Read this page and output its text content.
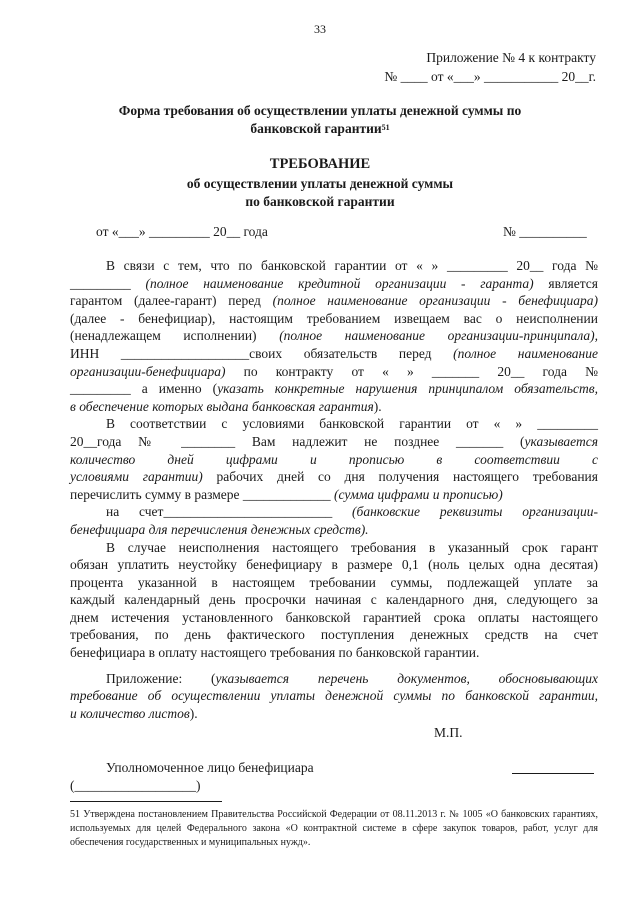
33
Приложение № 4 к контракту
№ ____ от «___» ___________ 20__г.
Форма требования об осуществлении уплаты денежной суммы по
банковской гарантии$^{51}$
ТРЕБОВАНИЕ
об осуществлении уплаты денежной суммы
по банковской гарантии
от «___» _________ 20__ года	№ __________
В связи с тем, что по банковской гарантии от « » _________ 20__ года №
_________ (полное наименование кредитной организации - гаранта) является
гарантом (далее-гарант) перед (полное наименование организации - бенефициара)
(далее - бенефициар), настоящим требованием извещаем вас о неисполнении
(ненадлежащем исполнении) (полное наименование организации-принципала),
ИНН ___________________своих обязательств перед (полное наименование
организации-бенефициара) по контракту от « » _______ 20__ года №
_________ а именно (указать конкретные нарушения принципалом обязательств,
в обеспечение которых выдана банковская гарантия).
В соответствии с условиями банковской гарантии от « » _________
20__года № ________ Вам надлежит не позднее _______ (указывается
количество дней цифрами и прописью в соответствии с
условиями гарантии) рабочих дней со дня получения настоящего требования
перечислить сумму в размере _____________ (сумма цифрами и прописью)
на счет_________________________ (банковские реквизиты организации-
бенефициара для перечисления денежных средств).
В случае неисполнения настоящего требования в указанный срок гарант
обязан уплатить неустойку бенефициару в размере 0,1 (ноль целых одна десятая)
процента указанной в настоящем требовании суммы, подлежащей уплате за
каждый календарный день просрочки начиная с календарного дня, следующего за
днем истечения установленного банковской гарантией срока оплаты настоящего
требования, по день фактического поступления денежных средств на счет
бенефициара в оплату настоящего требования по банковской гарантии.
Приложение: (указывается перечень документов, обосновывающих
требование об осуществлении уплаты денежной суммы по банковской гарантии,
и количество листов).
М.П.
Уполномоченное лицо бенефициара
(__________________)
51 Утверждена постановлением Правительства Российской Федерации от 08.11.2013 г. № 1005 «О банковских гарантиях, используемых для целей Федерального закона «О контрактной системе в сфере закупок товаров, работ, услуг для обеспечения государственных и муниципальных нужд».
